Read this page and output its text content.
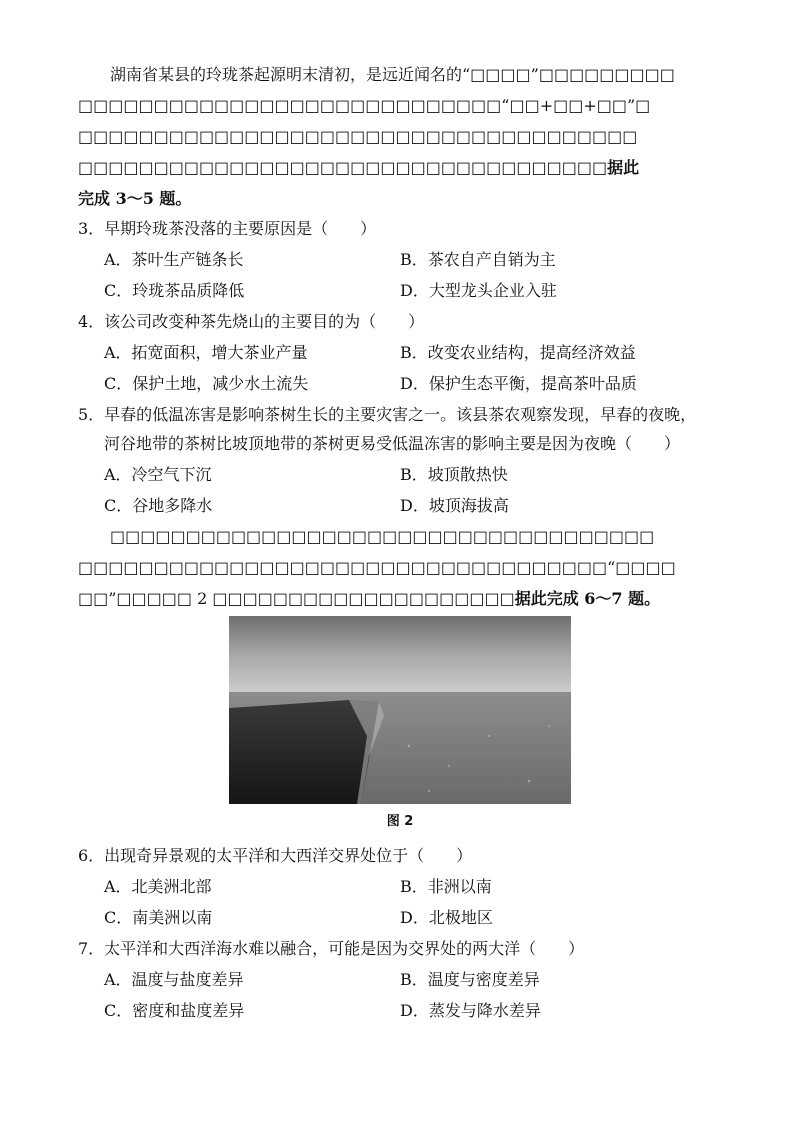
湖南省某县的玲珑茶起源明末清初，是远近闻名的“□□□□”□□□□□□□□□
□□□□□□□□□□□□□□□□□□□□□□□□□□□□“□□+□□+□□”□
□□□□□□□□□□□□□□□□□□□□□□□□□□□□□□□□□□□□□
□□□□□□□□□□□□□□□□□□□□□□□□□□□□□□□□□□□据此
完成 3～5 题。
3．早期玲珑茶没落的主要原因是（　　）
A．茶叶生产链条长	B．茶农自产自销为主
C．玲珑茶品质降低	D．大型龙头企业入驻
4．该公司改变种茶先烧山的主要目的为（　　）
A．拓宽面积，增大茶业产量	B．改变农业结构，提高经济效益
C．保护土地，减少水土流失	D．保护生态平衡，提高茶叶品质
5．早春的低温冻害是影响茶树生长的主要灾害之一。该县茶农观察发现，早春的夜晚，
河谷地带的茶树比坡顶地带的茶树更易受低温冻害的影响主要是因为夜晚（　　）
A．冷空气下沉	B．坡顶散热快
C．谷地多降水	D．坡顶海拔高
□□□□□□□□□□□□□□□□□□□□□□□□□□□□□□□□□□□□
□□□□□□□□□□□□□□□□□□□□□□□□□□□□□□□□□□□“□□□□
□□”□□□□□ 2 □□□□□□□□□□□□□□□□□□□□据此完成 6～7 题。
图 2
6．出现奇异景观的太平洋和大西洋交界处位于（　　）
A．北美洲北部	B．非洲以南
C．南美洲以南	D．北极地区
7．太平洋和大西洋海水难以融合，可能是因为交界处的两大洋（　　）
A．温度与盐度差异	B．温度与密度差异
C．密度和盐度差异	D．蒸发与降水差异
